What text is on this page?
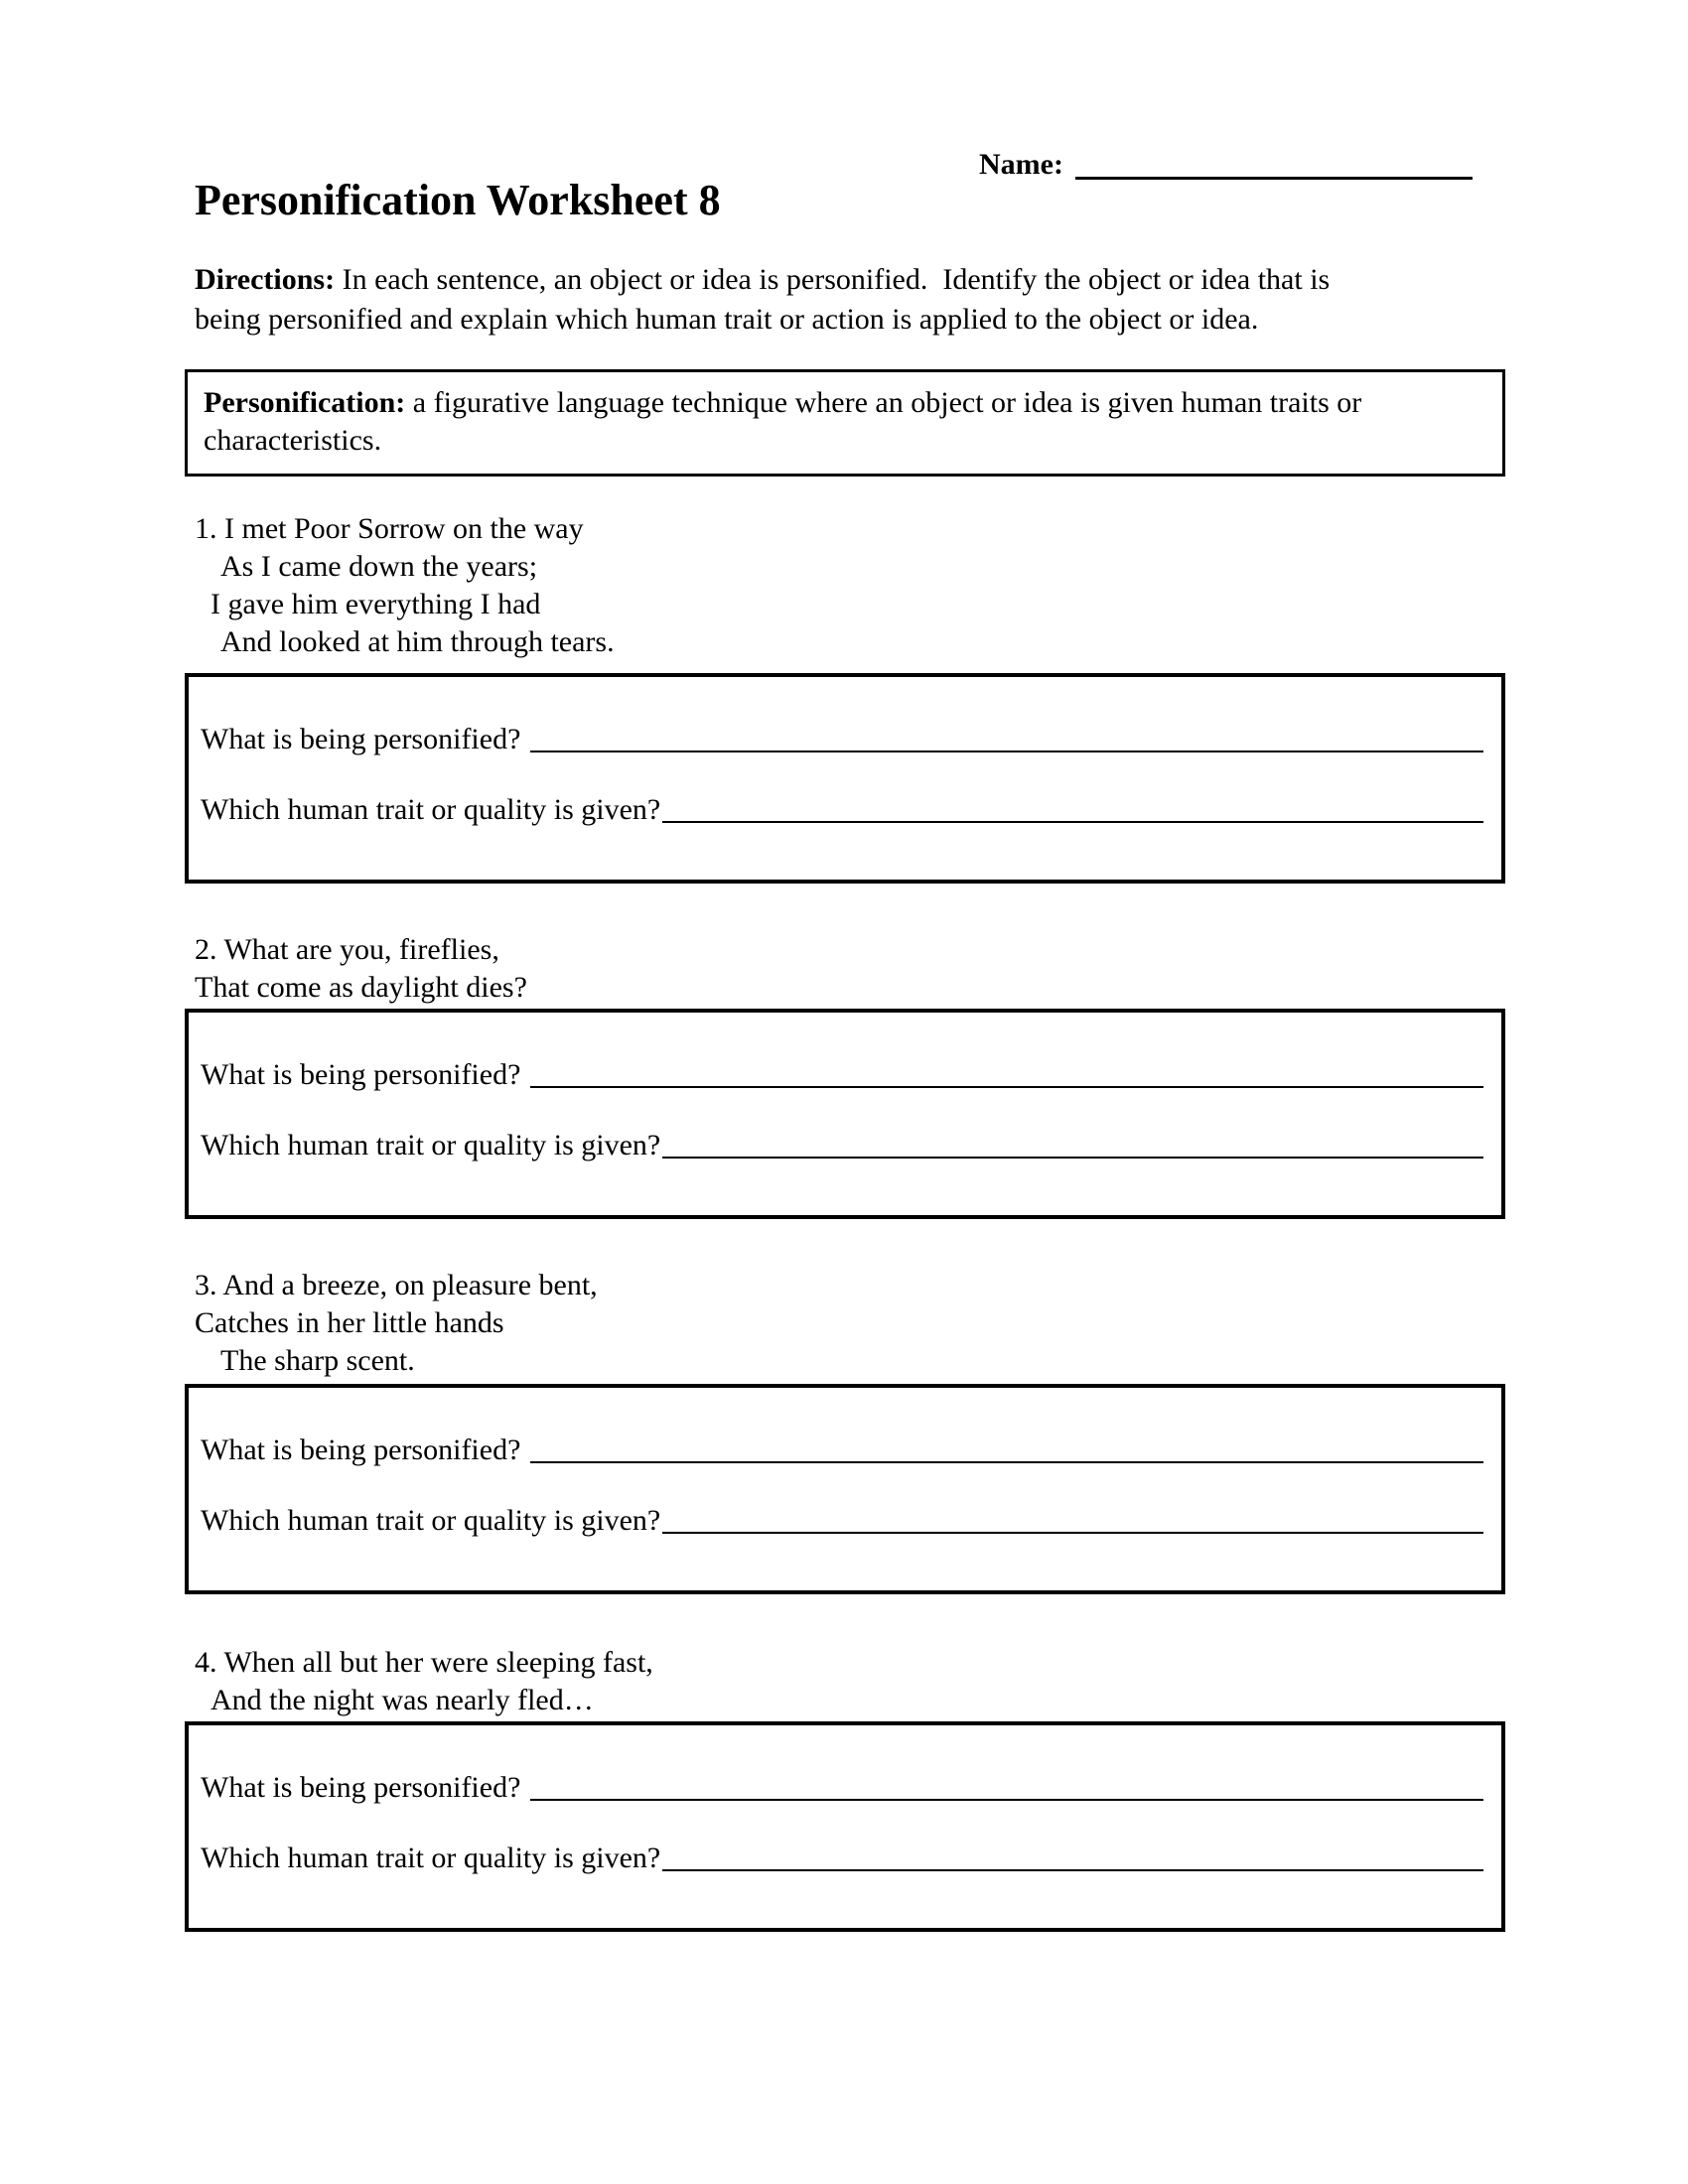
Name:
Personification Worksheet 8
Directions: In each sentence, an object or idea is personified.  Identify the object or idea that is
being personified and explain which human trait or action is applied to the object or idea.
Personification: a figurative language technique where an object or idea is given human traits or
characteristics.
1. I met Poor Sorrow on the way
As I came down the years;
I gave him everything I had
And looked at him through tears.
What is being personified?
Which human trait or quality is given?
2. What are you, fireflies,
That come as daylight dies?
What is being personified?
Which human trait or quality is given?
3. And a breeze, on pleasure bent,
Catches in her little hands
The sharp scent.
What is being personified?
Which human trait or quality is given?
4. When all but her were sleeping fast,
And the night was nearly fled…
What is being personified?
Which human trait or quality is given?
